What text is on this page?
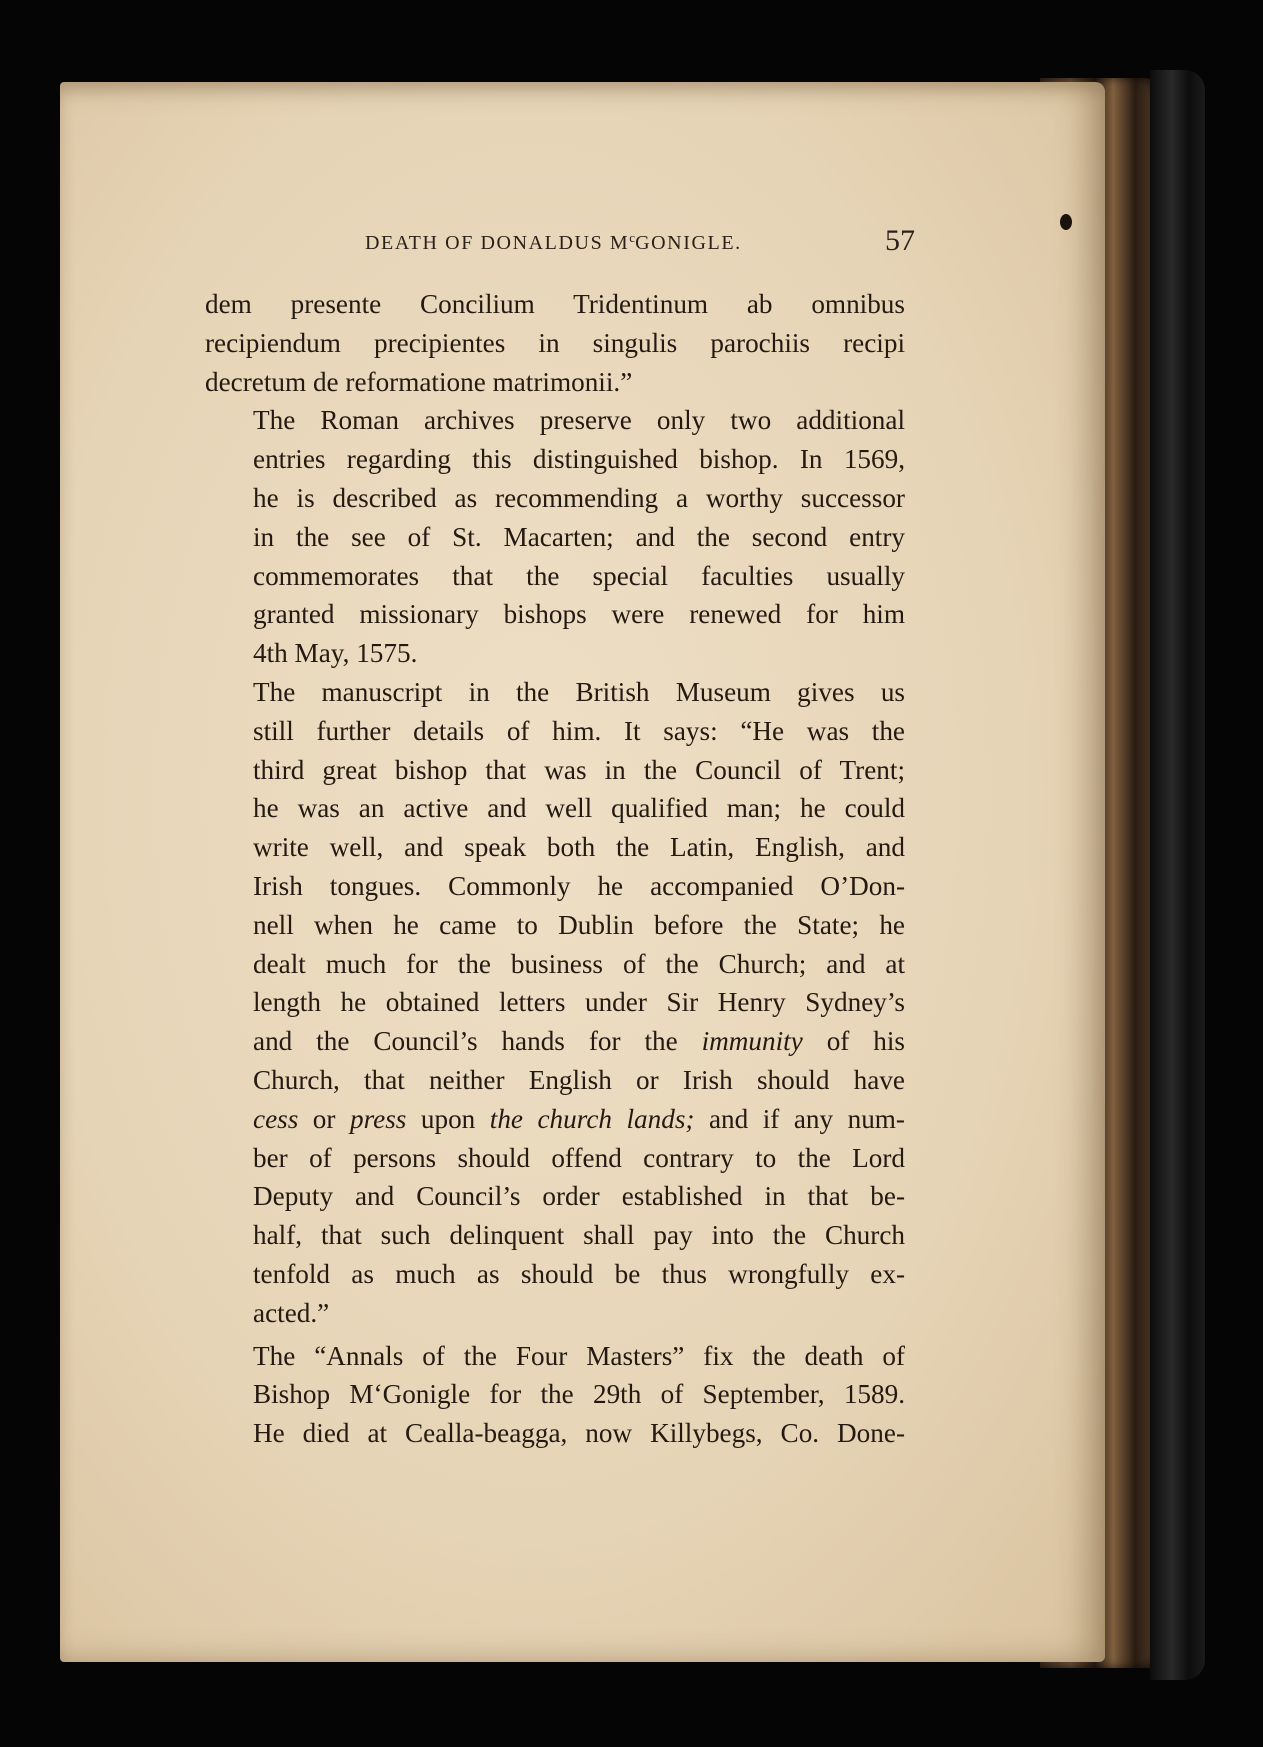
DEATH OF DONALDUS $M^cGONIGLE$.	57

dem presente Concilium Tridentinum ab omnibus
recipiendum precipientes in singulis parochiis recipi
decretum de reformatione matrimonii.”

The Roman archives preserve only two additional
entries regarding this distinguished bishop. In 1569,
he is described as recommending a worthy successor
in the see of St. Macarten; and the second entry
commemorates that the special faculties usually
granted missionary bishops were renewed for him
4th May, 1575.

The manuscript in the British Museum gives us
still further details of him. It says: “He was the
third great bishop that was in the Council of Trent;
he was an active and well qualified man; he could
write well, and speak both the Latin, English, and
Irish tongues. Commonly he accompanied O’Don-
nell when he came to Dublin before the State; he
dealt much for the business of the Church; and at
length he obtained letters under Sir Henry Sydney’s
and the Council’s hands for the immunity of his
Church, that neither English or Irish should have
cess or press upon the church lands; and if any num-
ber of persons should offend contrary to the Lord
Deputy and Council’s order established in that be-
half, that such delinquent shall pay into the Church
tenfold as much as should be thus wrongfully ex-
acted.”

The “Annals of the Four Masters” fix the death of
Bishop M‘Gonigle for the 29th of September, 1589.
He died at Cealla-beagga, now Killybegs, Co. Done-
